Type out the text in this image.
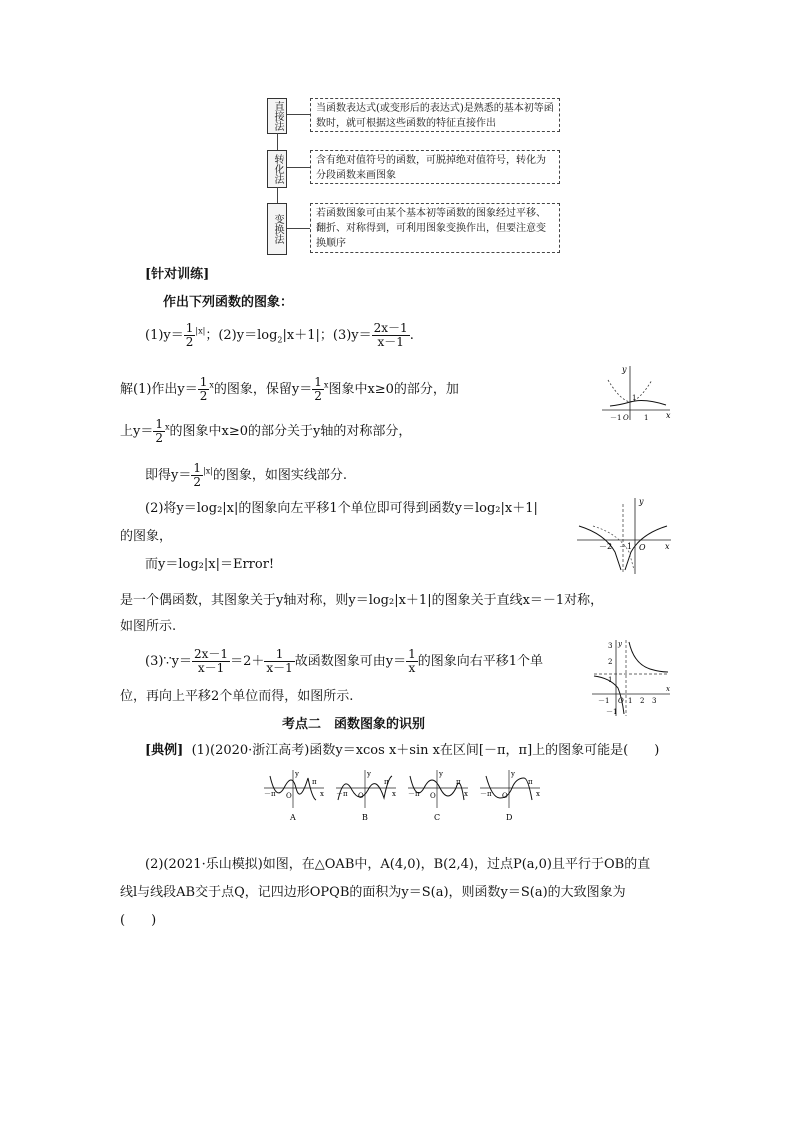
直接法	当函数表达式(或变形后的表达式)是熟悉的基本初等函数时，就可根据这些函数的特征直接作出
转化法	含有绝对值符号的函数，可脱掉绝对值符号，转化为分段函数来画图象
变换法
若函数图象可由某个基本初等函数的图象经过平移、翻折、对称得到，可利用图象变换作出，但要注意变换顺序
[针对训练]
作出下列函数的图象：
$(1)y= \frac{1}{2} ^{|x|}$；$(2)y=\log_2|x+1|$；$(3)y= \frac{2x-1}{x-1}$ .
解(1)作出$y= \frac{1}{2} ^x$的图象，保留$y= \frac{1}{2} ^x$图象中x≥0的部分，加
上$y= \frac{1}{2} ^x$的图象中x≥0的部分关于y轴的对称部分，
即得$y= \frac{1}{2} ^{|x|}$的图象，如图实线部分.
y
x
1
－1 O 1
(2)将y＝log₂|x|的图象向左平移1个单位即可得到函数y＝log₂|x＋1|
的图象，
而y＝log₂|x|＝Error!
是一个偶函数，其图象关于y轴对称，则y＝log₂|x＋1|的图象关于直线x＝－1对称，
如图所示.
y
x
－2 －1 O
(3)∵y＝ $\frac{2x-1}{x-1} =2+ \frac{1}{x-1}$ 故函数图象可由$y= \frac{1}{x}$ 的图象向右平移1个单
位，再向上平移2个单位而得，如图所示.
3
2
1
－1 O 1 2 3
－1
x
y
考点二　函数图象的识别
[典例] (1)(2020·浙江高考)函数y＝xcos x＋sin x在区间[－π，π]上的图象可能是(　　)
－π
π
O
y
x
A
－π
π
O
y
x
B
－π
π
O
y
x
C
－π
π
O
y
x
D
(2)(2021·乐山模拟)如图，在△OAB中，A(4,0)，B(2,4)，过点P(a,0)且平行于OB的直
线l与线段AB交于点Q，记四边形OPQB的面积为y＝S(a)，则函数y＝S(a)的大致图象为
(　　)
